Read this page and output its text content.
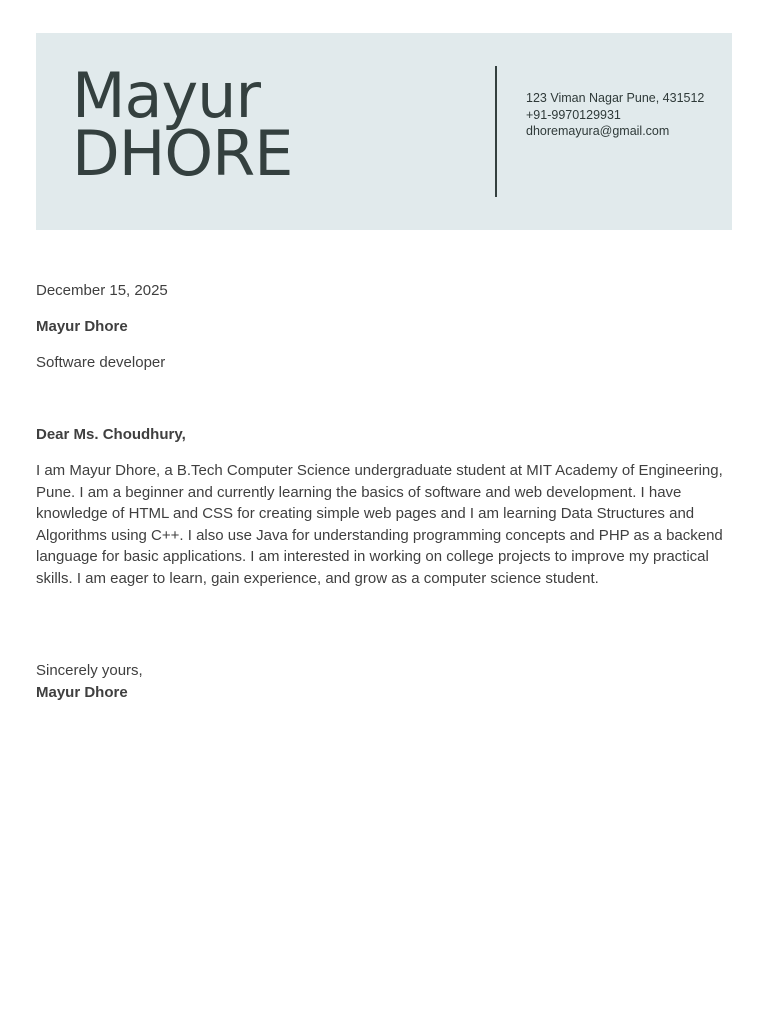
Mayur
DHORE
123 Viman Nagar Pune, 431512
+91-9970129931
dhoremayura@gmail.com

December 15, 2025

Mayur Dhore

Software developer

Dear Ms. Choudhury,

I am Mayur Dhore, a B.Tech Computer Science undergraduate student at MIT Academy of Engineering, Pune. I am a beginner and currently learning the basics of software and web development. I have knowledge of HTML and CSS for creating simple web pages and I am learning Data Structures and Algorithms using C++. I also use Java for understanding programming concepts and PHP as a backend language for basic applications. I am interested in working on college projects to improve my practical skills. I am eager to learn, gain experience, and grow as a computer science student.

Sincerely yours,

Mayur Dhore
